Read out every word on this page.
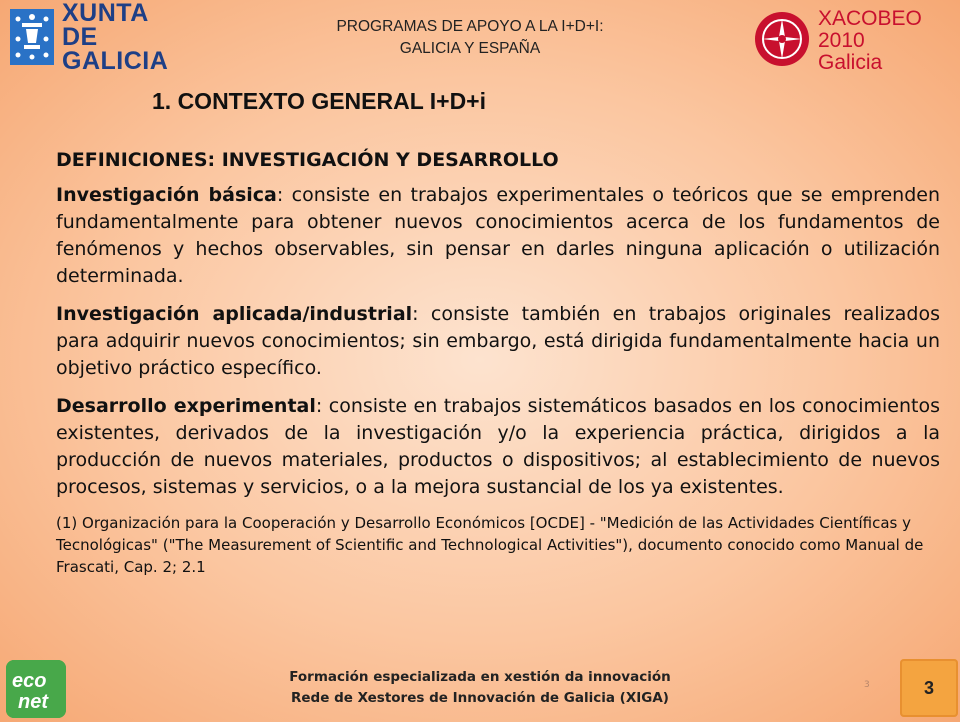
XUNTA
DE GALICIA
PROGRAMAS DE APOYO A LA I+D+I:
GALICIA Y ESPAÑA
XACOBEO 2010
Galicia
1. CONTEXTO GENERAL I+D+i

DEFINICIONES: INVESTIGACIÓN Y DESARROLLO

Investigación básica: consiste en trabajos experimentales o teóricos que se emprenden fundamentalmente para obtener nuevos conocimientos acerca de los fundamentos de fenómenos y hechos observables, sin pensar en darles ninguna aplicación o utilización determinada.

Investigación aplicada/industrial: consiste también en trabajos originales realizados para adquirir nuevos conocimientos; sin embargo, está dirigida fundamentalmente hacia un objetivo práctico específico.

Desarrollo experimental: consiste en trabajos sistemáticos basados en los conocimientos existentes, derivados de la investigación y/o la experiencia práctica, dirigidos a la producción de nuevos materiales, productos o dispositivos; al establecimiento de nuevos procesos, sistemas y servicios, o a la mejora sustancial de los ya existentes.

(1) Organización para la Cooperación y Desarrollo Económicos [OCDE] - "Medición de las Actividades Científicas y Tecnológicas" ("The Measurement of Scientific and Technological Activities"), documento conocido como Manual de Frascati, Cap. 2; 2.1

eco
net
Formación especializada en xestión da innovación
Rede de Xestores de Innovación de Galicia (XIGA)
3	3
